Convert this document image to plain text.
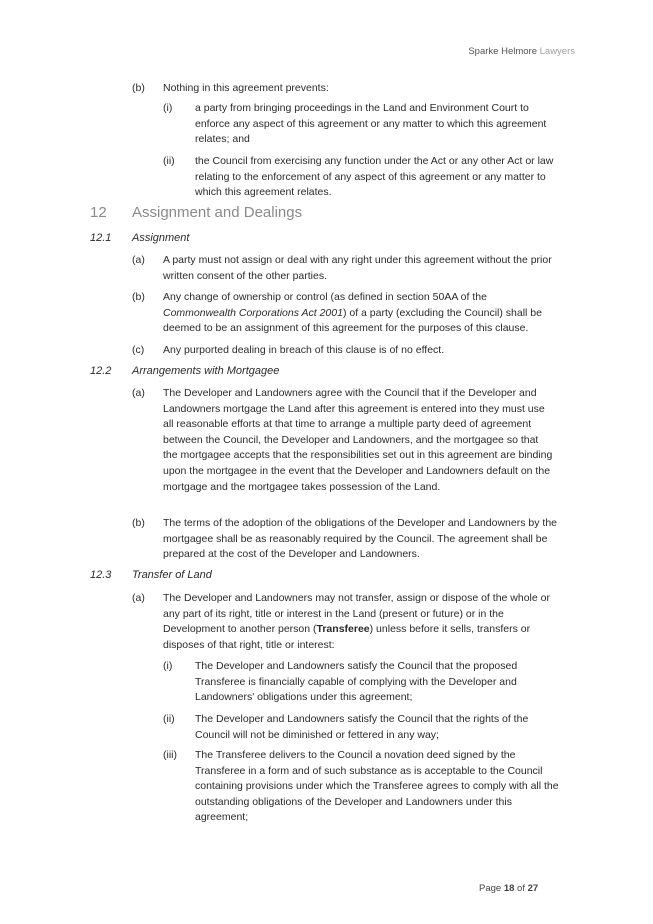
Sparke Helmore Lawyers
(b) Nothing in this agreement prevents:
(i) a party from bringing proceedings in the Land and Environment Court to enforce any aspect of this agreement or any matter to which this agreement relates; and
(ii) the Council from exercising any function under the Act or any other Act or law relating to the enforcement of any aspect of this agreement or any matter to which this agreement relates.
12 Assignment and Dealings
12.1 Assignment
(a) A party must not assign or deal with any right under this agreement without the prior written consent of the other parties.
(b) Any change of ownership or control (as defined in section 50AA of the Commonwealth Corporations Act 2001) of a party (excluding the Council) shall be deemed to be an assignment of this agreement for the purposes of this clause.
(c) Any purported dealing in breach of this clause is of no effect.
12.2 Arrangements with Mortgagee
(a) The Developer and Landowners agree with the Council that if the Developer and Landowners mortgage the Land after this agreement is entered into they must use all reasonable efforts at that time to arrange a multiple party deed of agreement between the Council, the Developer and Landowners, and the mortgagee so that the mortgagee accepts that the responsibilities set out in this agreement are binding upon the mortgagee in the event that the Developer and Landowners default on the mortgage and the mortgagee takes possession of the Land.
(b) The terms of the adoption of the obligations of the Developer and Landowners by the mortgagee shall be as reasonably required by the Council. The agreement shall be prepared at the cost of the Developer and Landowners.
12.3 Transfer of Land
(a) The Developer and Landowners may not transfer, assign or dispose of the whole or any part of its right, title or interest in the Land (present or future) or in the Development to another person (Transferee) unless before it sells, transfers or disposes of that right, title or interest:
(i) The Developer and Landowners satisfy the Council that the proposed Transferee is financially capable of complying with the Developer and Landowners' obligations under this agreement;
(ii) The Developer and Landowners satisfy the Council that the rights of the Council will not be diminished or fettered in any way;
(iii) The Transferee delivers to the Council a novation deed signed by the Transferee in a form and of such substance as is acceptable to the Council containing provisions under which the Transferee agrees to comply with all the outstanding obligations of the Developer and Landowners under this agreement;
Page 18 of 27
